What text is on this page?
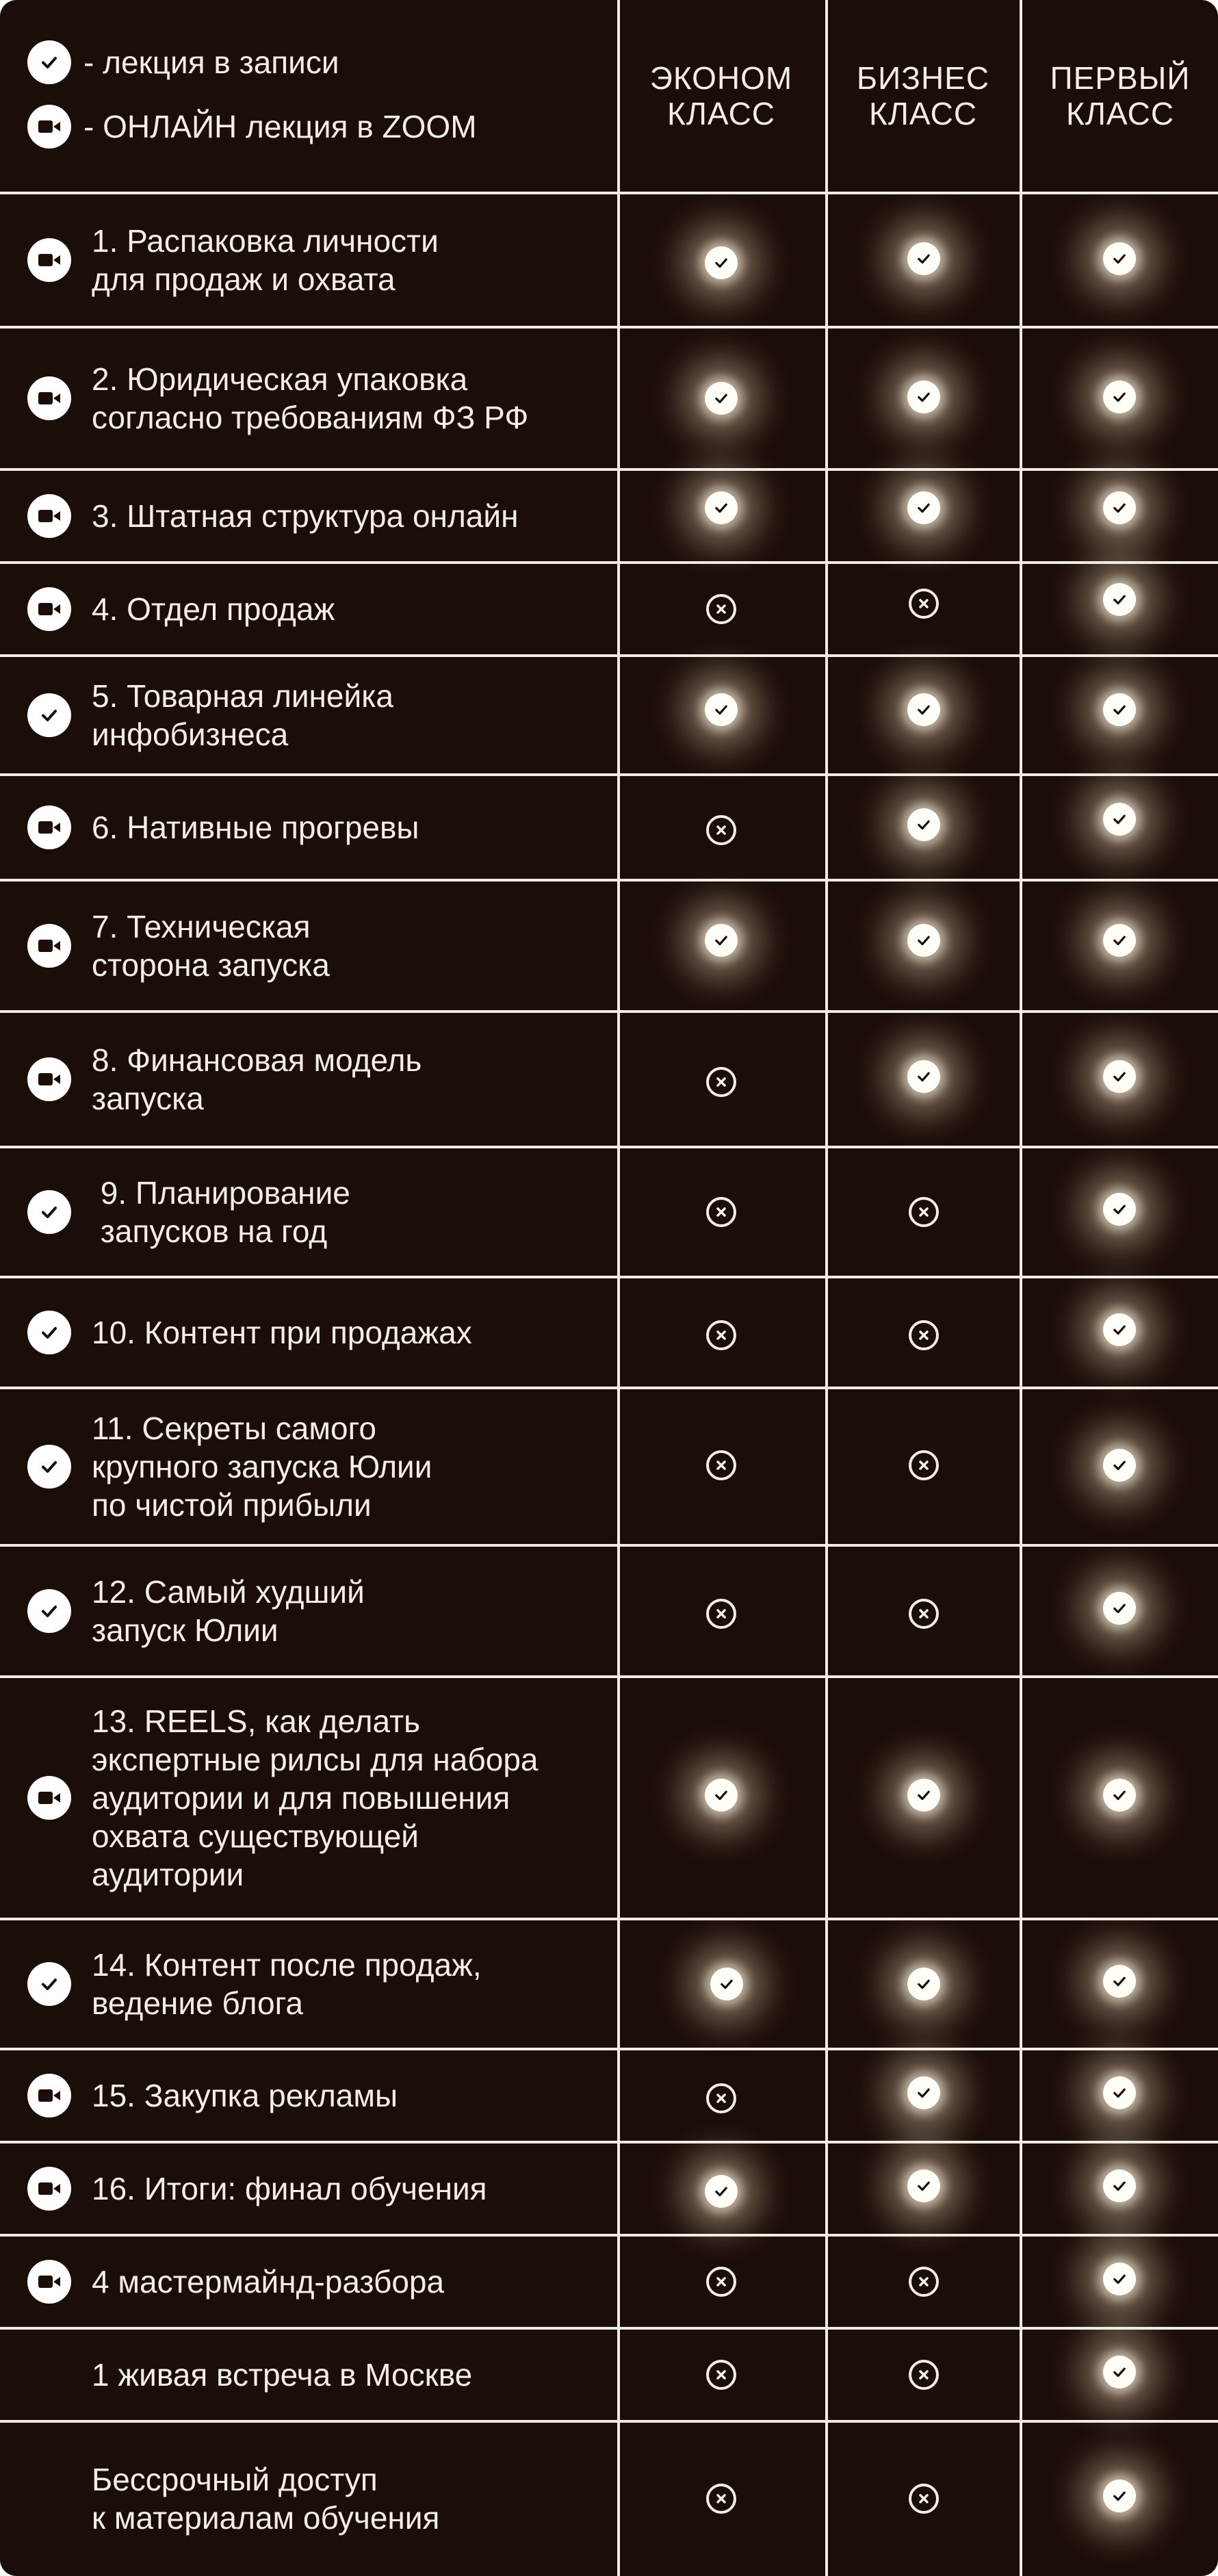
- лекция в записи
- ОНЛАЙН лекция в ZOOM
ЭКОНОМ
КЛАСС
БИЗНЕС
КЛАСС
ПЕРВЫЙ
КЛАСС
1. Распаковка личности
для продаж и охвата
2. Юридическая упаковка
согласно требованиям ФЗ РФ
3. Штатная структура онлайн
4. Отдел продаж
5. Товарная линейка
инфобизнеса
6. Нативные прогревы
7. Техническая
сторона запуска
8. Финансовая модель
запуска
9. Планирование
запусков на год
10. Контент при продажах
11. Секреты самого
крупного запуска Юлии
по чистой прибыли
12. Самый худший
запуск Юлии
13. REELS, как делать
экспертные рилсы для набора
аудитории и для повышения
охвата существующей
аудитории
14. Контент после продаж,
ведение блога
15. Закупка рекламы
16. Итоги: финал обучения
4 мастермайнд-разбора
1 живая встреча в Москве
Бессрочный доступ
к материалам обучения
